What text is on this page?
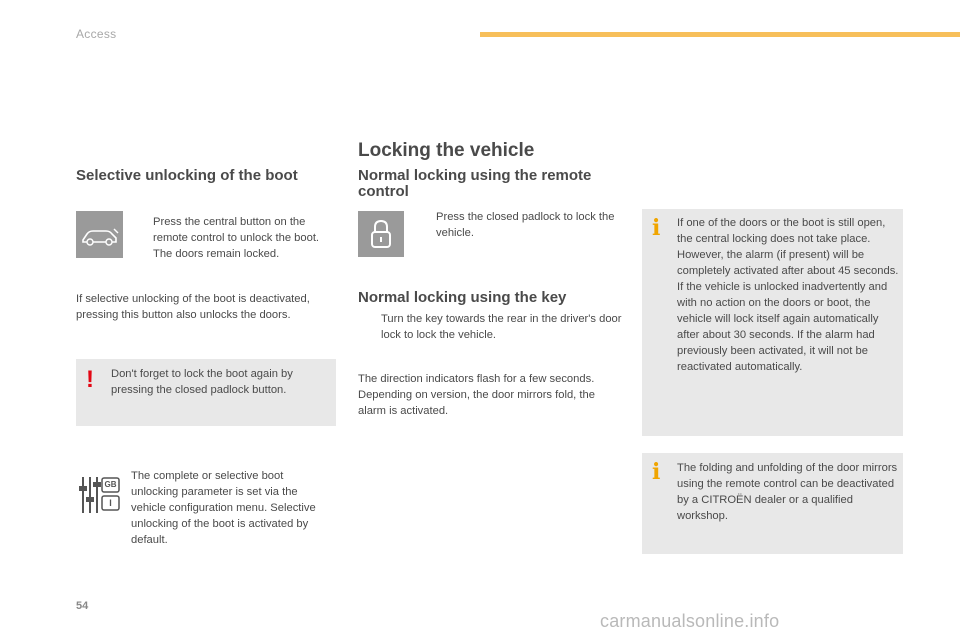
Access
Selective unlocking of the boot
Press the central button on the remote control to unlock the boot. The doors remain locked.
If selective unlocking of the boot is deactivated, pressing this button also unlocks the doors.
! Don't forget to lock the boot again by pressing the closed padlock button.
GB
I
The complete or selective boot unlocking parameter is set via the vehicle configuration menu. Selective unlocking of the boot is activated by default.
Locking the vehicle
Normal locking using the remote control
Press the closed padlock to lock the vehicle.
Normal locking using the key
Turn the key towards the rear in the driver's door lock to lock the vehicle.
The direction indicators flash for a few seconds. Depending on version, the door mirrors fold, the alarm is activated.
i If one of the doors or the boot is still open, the central locking does not take place. However, the alarm (if present) will be completely activated after about 45 seconds. If the vehicle is unlocked inadvertently and with no action on the doors or boot, the vehicle will lock itself again automatically after about 30 seconds. If the alarm had previously been activated, it will not be reactivated automatically.
i The folding and unfolding of the door mirrors using the remote control can be deactivated by a CITROËN dealer or a qualified workshop.
54
carmanualsonline.info
